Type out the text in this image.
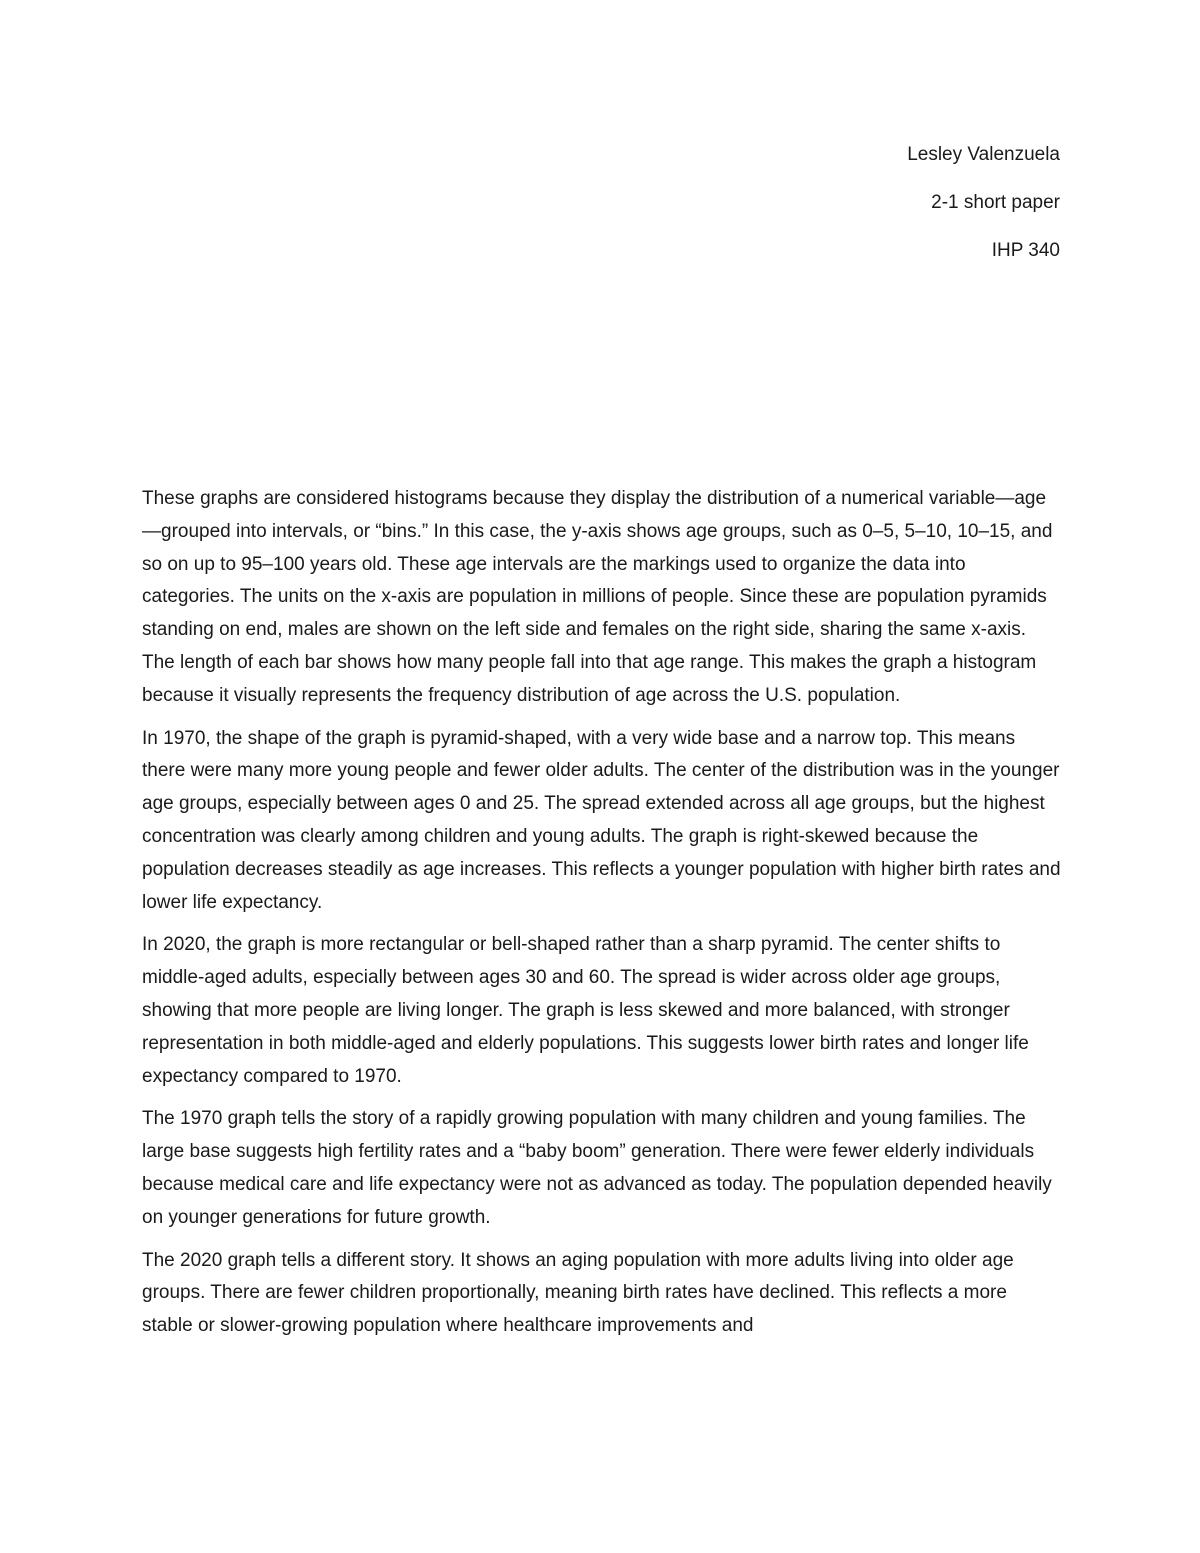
Lesley Valenzuela
2-1 short paper
IHP 340

These graphs are considered histograms because they display the distribution of a numerical variable—age—grouped into intervals, or “bins.” In this case, the y-axis shows age groups, such as 0–5, 5–10, 10–15, and so on up to 95–100 years old. These age intervals are the markings used to organize the data into categories. The units on the x-axis are population in millions of people. Since these are population pyramids standing on end, males are shown on the left side and females on the right side, sharing the same x-axis. The length of each bar shows how many people fall into that age range. This makes the graph a histogram because it visually represents the frequency distribution of age across the U.S. population.

In 1970, the shape of the graph is pyramid-shaped, with a very wide base and a narrow top. This means there were many more young people and fewer older adults. The center of the distribution was in the younger age groups, especially between ages 0 and 25. The spread extended across all age groups, but the highest concentration was clearly among children and young adults. The graph is right-skewed because the population decreases steadily as age increases. This reflects a younger population with higher birth rates and lower life expectancy.

In 2020, the graph is more rectangular or bell-shaped rather than a sharp pyramid. The center shifts to middle-aged adults, especially between ages 30 and 60. The spread is wider across older age groups, showing that more people are living longer. The graph is less skewed and more balanced, with stronger representation in both middle-aged and elderly populations. This suggests lower birth rates and longer life expectancy compared to 1970.

The 1970 graph tells the story of a rapidly growing population with many children and young families. The large base suggests high fertility rates and a “baby boom” generation. There were fewer elderly individuals because medical care and life expectancy were not as advanced as today. The population depended heavily on younger generations for future growth.

The 2020 graph tells a different story. It shows an aging population with more adults living into older age groups. There are fewer children proportionally, meaning birth rates have declined. This reflects a more stable or slower-growing population where healthcare improvements and
